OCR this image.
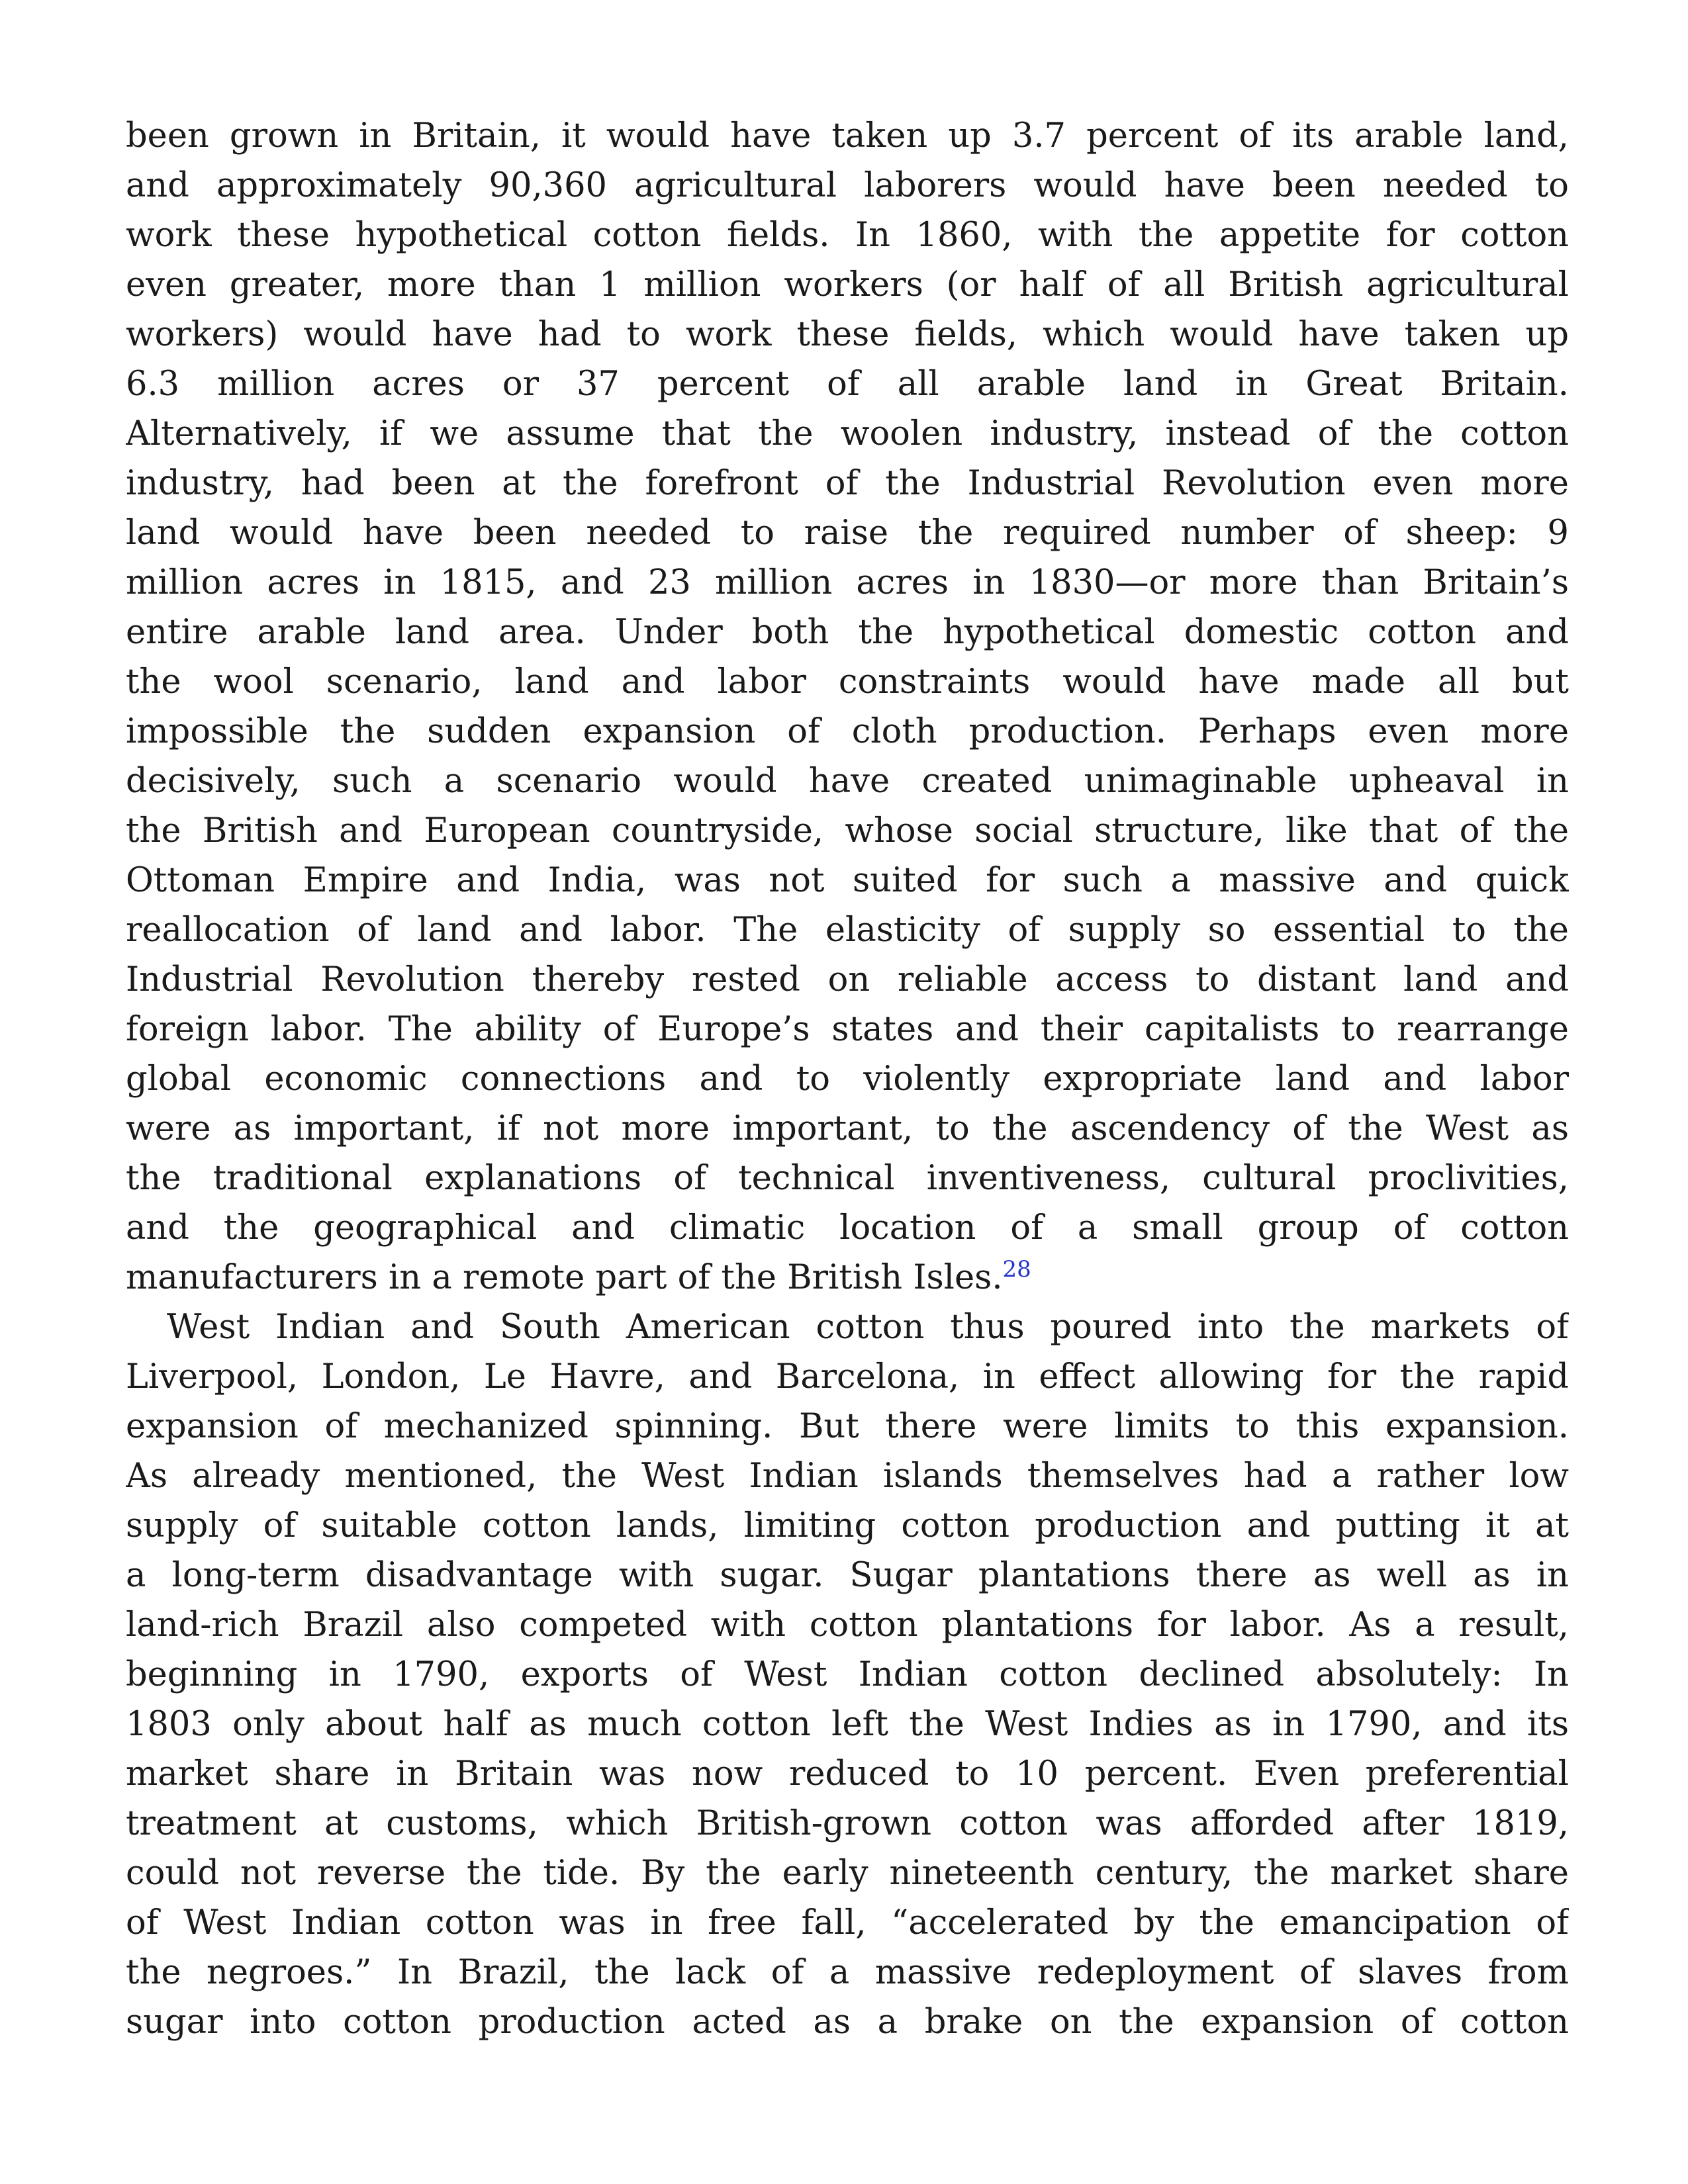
been grown in Britain, it would have taken up 3.7 percent of its arable land,
and approximately 90,360 agricultural laborers would have been needed to
work these hypothetical cotton fields. In 1860, with the appetite for cotton
even greater, more than 1 million workers (or half of all British agricultural
workers) would have had to work these fields, which would have taken up
6.3 million acres or 37 percent of all arable land in Great Britain.
Alternatively, if we assume that the woolen industry, instead of the cotton
industry, had been at the forefront of the Industrial Revolution even more
land would have been needed to raise the required number of sheep: 9
million acres in 1815, and 23 million acres in 1830—or more than Britain’s
entire arable land area. Under both the hypothetical domestic cotton and
the wool scenario, land and labor constraints would have made all but
impossible the sudden expansion of cloth production. Perhaps even more
decisively, such a scenario would have created unimaginable upheaval in
the British and European countryside, whose social structure, like that of the
Ottoman Empire and India, was not suited for such a massive and quick
reallocation of land and labor. The elasticity of supply so essential to the
Industrial Revolution thereby rested on reliable access to distant land and
foreign labor. The ability of Europe’s states and their capitalists to rearrange
global economic connections and to violently expropriate land and labor
were as important, if not more important, to the ascendency of the West as
the traditional explanations of technical inventiveness, cultural proclivities,
and the geographical and climatic location of a small group of cotton
manufacturers in a remote part of the British Isles.$^{28}$
West Indian and South American cotton thus poured into the markets of
Liverpool, London, Le Havre, and Barcelona, in effect allowing for the rapid
expansion of mechanized spinning. But there were limits to this expansion.
As already mentioned, the West Indian islands themselves had a rather low
supply of suitable cotton lands, limiting cotton production and putting it at
a long-term disadvantage with sugar. Sugar plantations there as well as in
land-rich Brazil also competed with cotton plantations for labor. As a result,
beginning in 1790, exports of West Indian cotton declined absolutely: In
1803 only about half as much cotton left the West Indies as in 1790, and its
market share in Britain was now reduced to 10 percent. Even preferential
treatment at customs, which British-grown cotton was afforded after 1819,
could not reverse the tide. By the early nineteenth century, the market share
of West Indian cotton was in free fall, “accelerated by the emancipation of
the negroes.” In Brazil, the lack of a massive redeployment of slaves from
sugar into cotton production acted as a brake on the expansion of cotton
